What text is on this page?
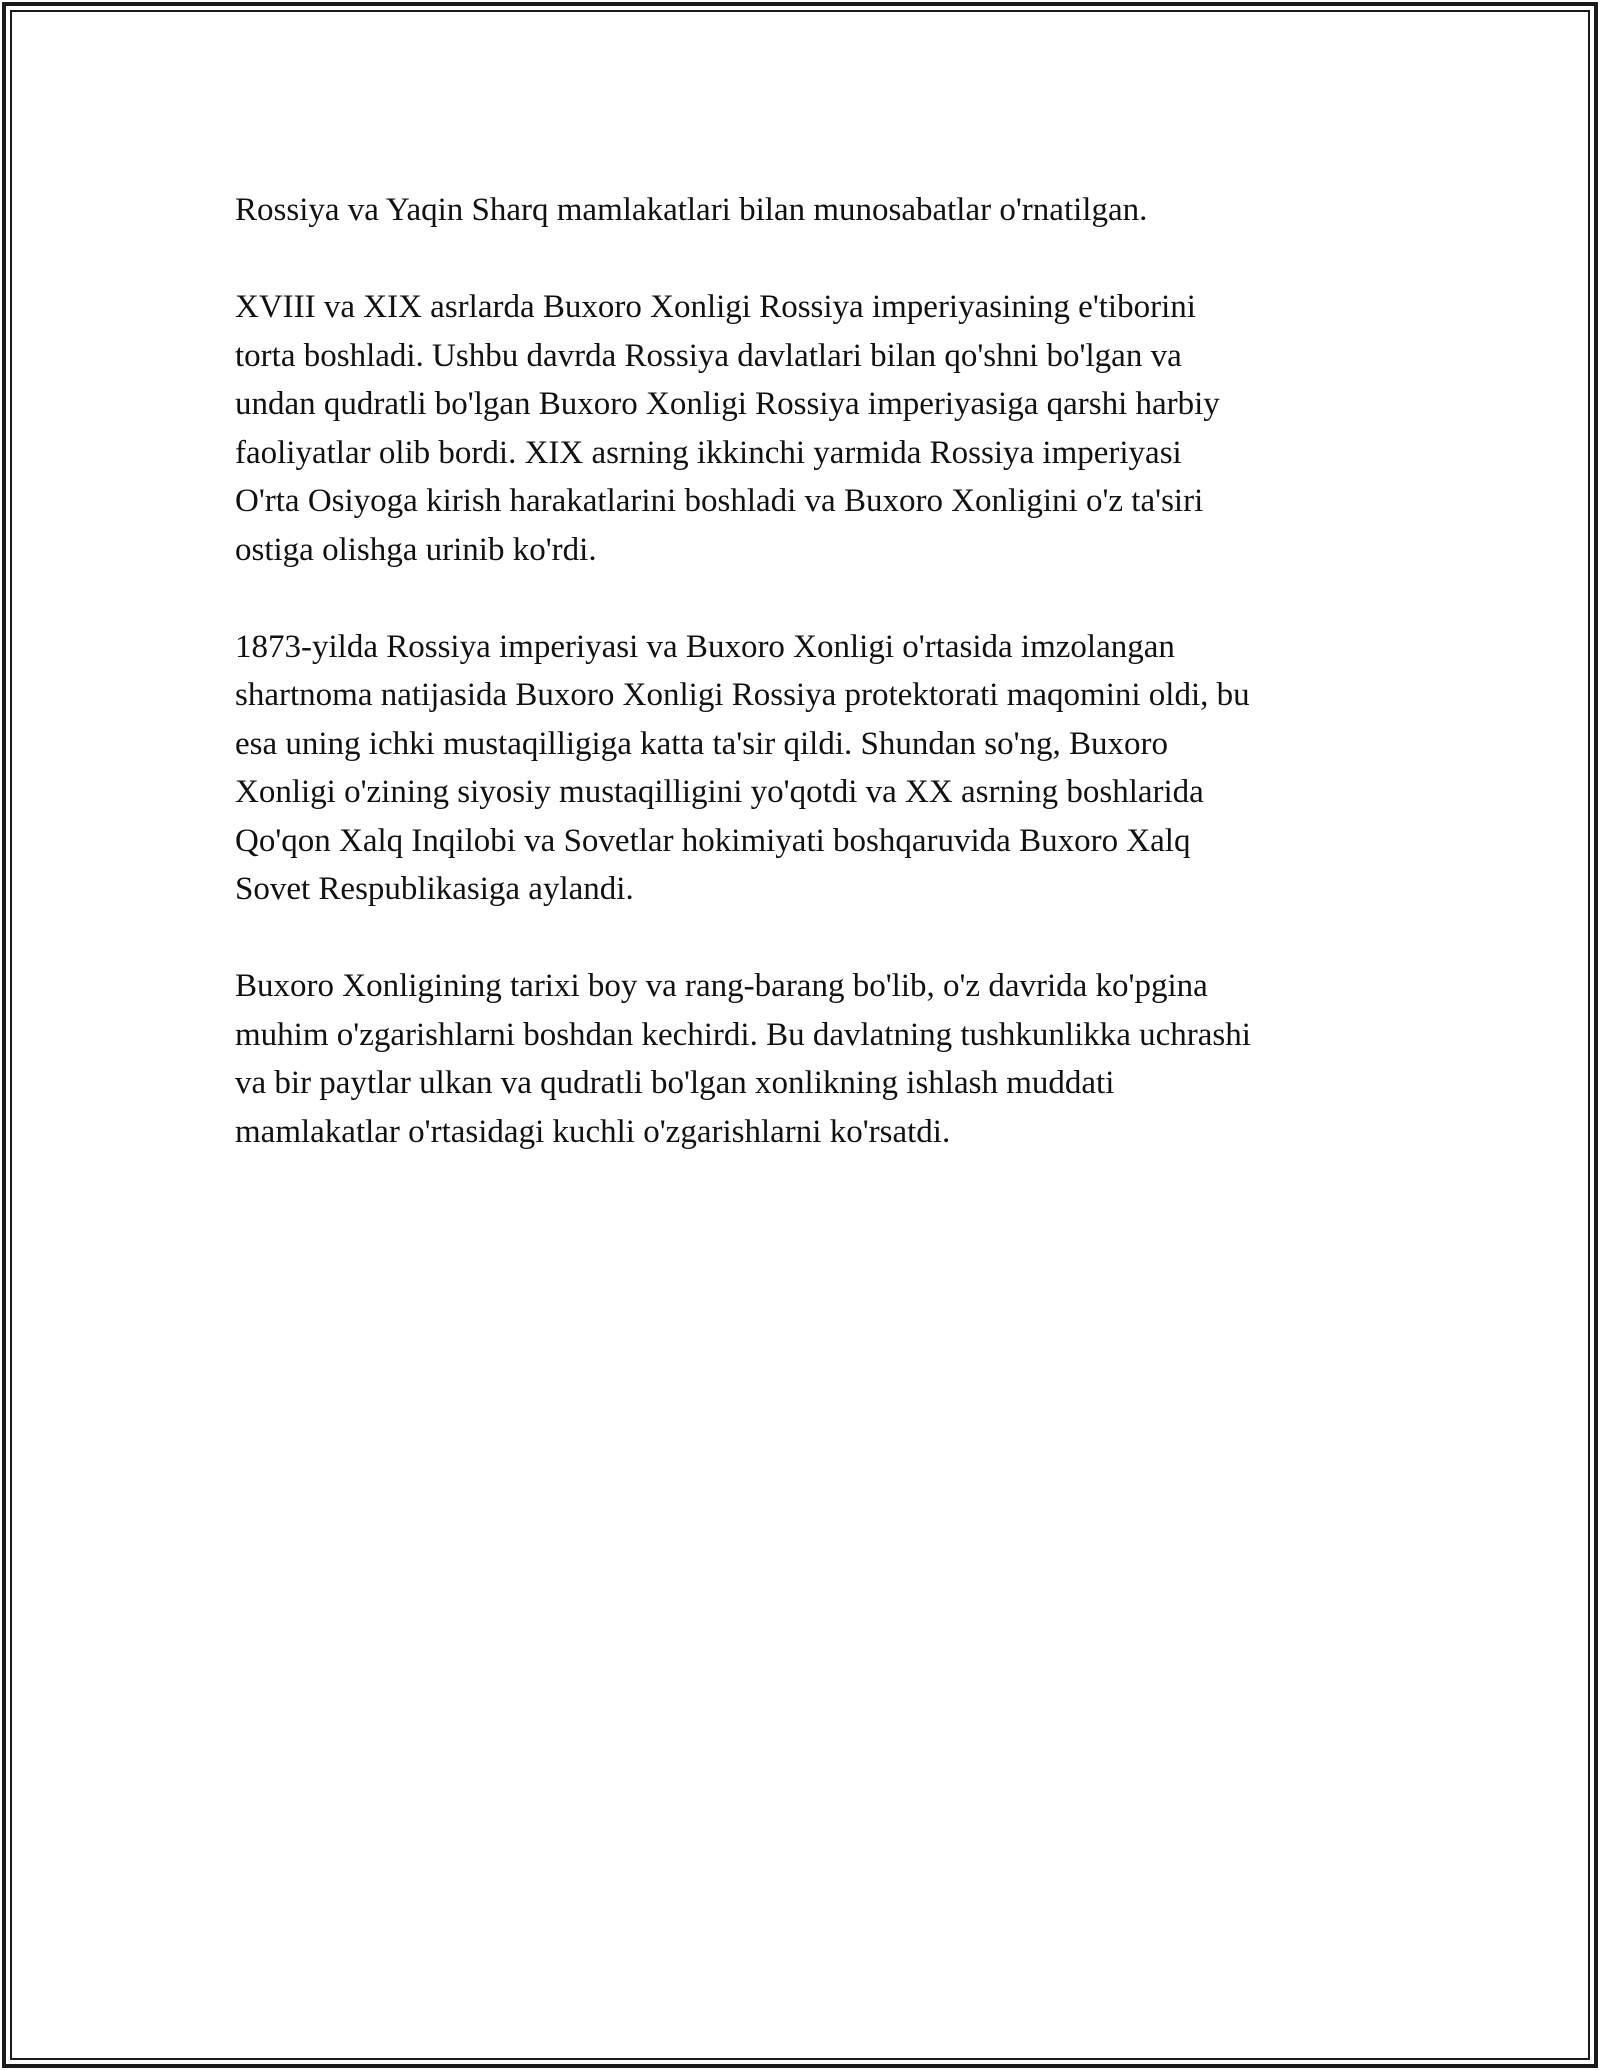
Rossiya va Yaqin Sharq mamlakatlari bilan munosabatlar o'rnatilgan.

XVIII va XIX asrlarda Buxoro Xonligi Rossiya imperiyasining e'tiborini
torta boshladi. Ushbu davrda Rossiya davlatlari bilan qo'shni bo'lgan va
undan qudratli bo'lgan Buxoro Xonligi Rossiya imperiyasiga qarshi harbiy
faoliyatlar olib bordi. XIX asrning ikkinchi yarmida Rossiya imperiyasi
O'rta Osiyoga kirish harakatlarini boshladi va Buxoro Xonligini o'z ta'siri
ostiga olishga urinib ko'rdi.

1873-yilda Rossiya imperiyasi va Buxoro Xonligi o'rtasida imzolangan
shartnoma natijasida Buxoro Xonligi Rossiya protektorati maqomini oldi, bu
esa uning ichki mustaqilligiga katta ta'sir qildi. Shundan so'ng, Buxoro
Xonligi o'zining siyosiy mustaqilligini yo'qotdi va XX asrning boshlarida
Qo'qon Xalq Inqilobi va Sovetlar hokimiyati boshqaruvida Buxoro Xalq
Sovet Respublikasiga aylandi.

Buxoro Xonligining tarixi boy va rang-barang bo'lib, o'z davrida ko'pgina
muhim o'zgarishlarni boshdan kechirdi. Bu davlatning tushkunlikka uchrashi
va bir paytlar ulkan va qudratli bo'lgan xonlikning ishlash muddati
mamlakatlar o'rtasidagi kuchli o'zgarishlarni ko'rsatdi.
